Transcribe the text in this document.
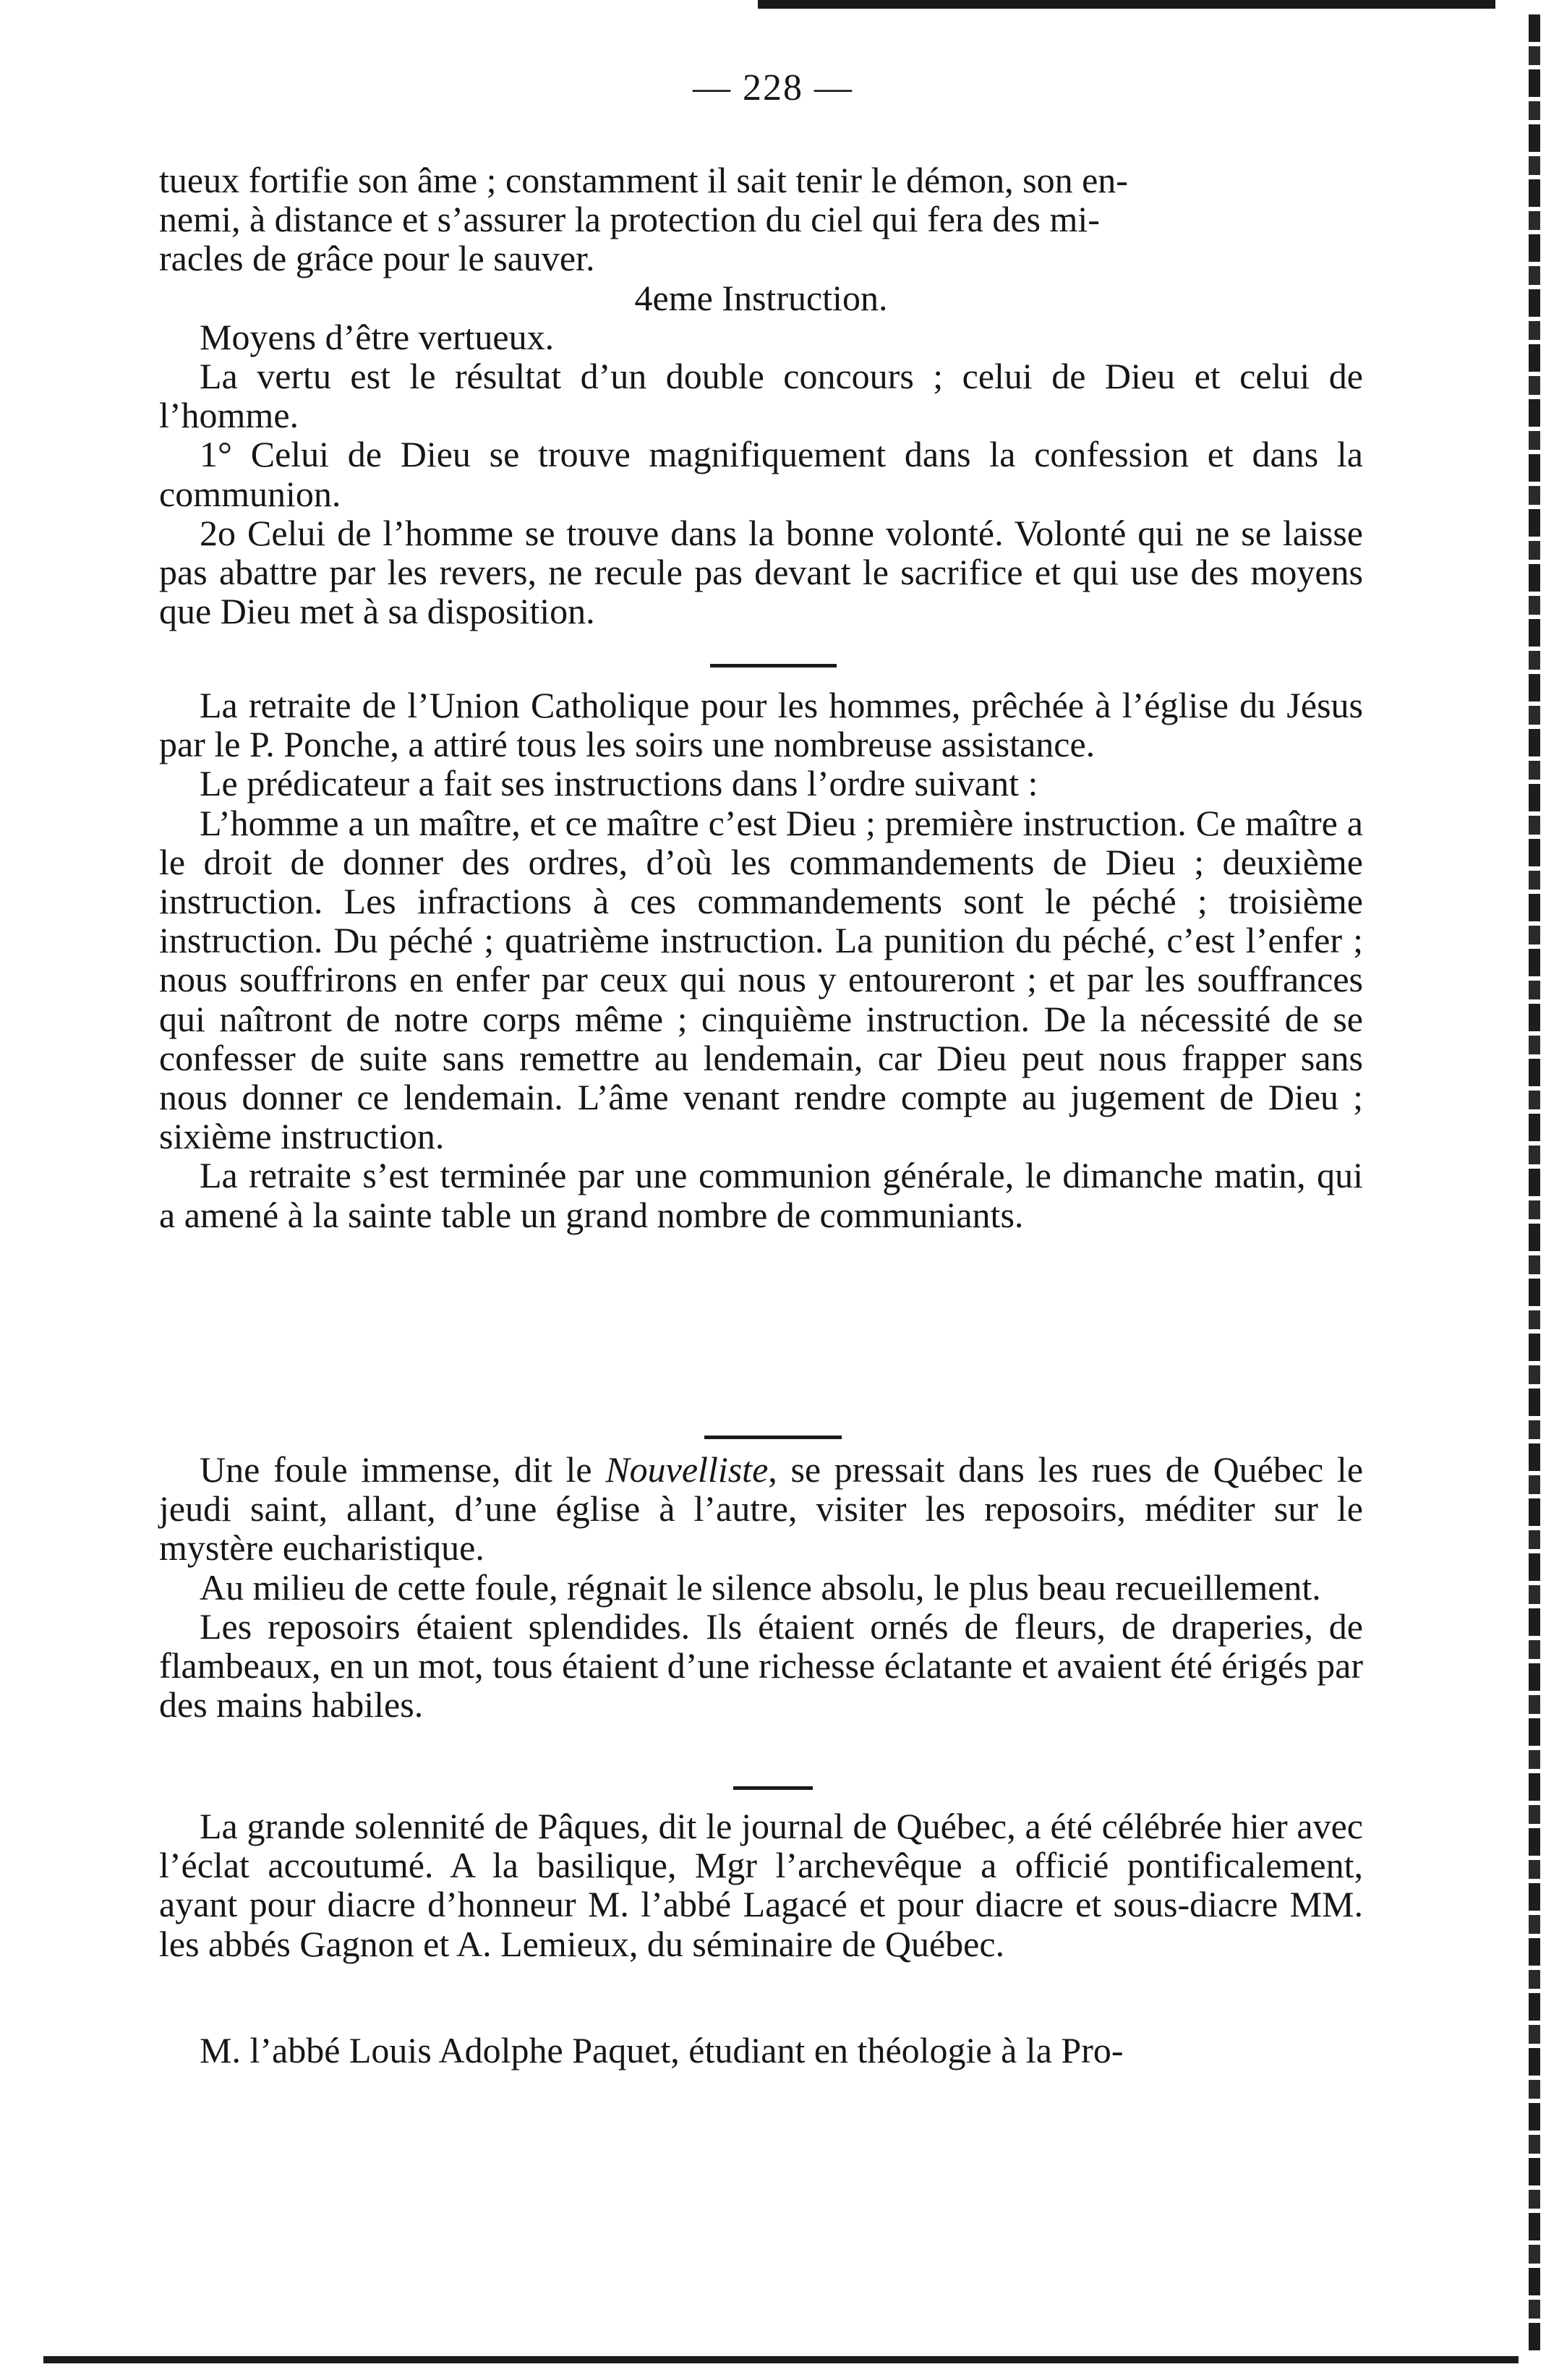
— 228 —

tueux fortifie son âme ; constamment il sait tenir le démon, son en-

nemi, à distance et s’assurer la protection du ciel qui fera des mi-

racles de grâce pour le sauver.

4eme Instruction.

Moyens d’être vertueux.

La vertu est le résultat d’un double concours ; celui de Dieu et celui de l’homme.

1° Celui de Dieu se trouve magnifiquement dans la confession et dans la communion.

2o Celui de l’homme se trouve dans la bonne volonté. Volonté qui ne se laisse pas abattre par les revers, ne recule pas devant le sacrifice et qui use des moyens que Dieu met à sa disposition.

La retraite de l’Union Catholique pour les hommes, prêchée à l’église du Jésus par le P. Ponche, a attiré tous les soirs une nombreuse assistance.

Le prédicateur a fait ses instructions dans l’ordre suivant :

L’homme a un maître, et ce maître c’est Dieu ; première instruction. Ce maître a le droit de donner des ordres, d’où les commandements de Dieu ; deuxième instruction. Les infractions à ces commandements sont le péché ; troisième instruction. Du péché ; quatrième instruction. La punition du péché, c’est l’enfer ; nous souffrirons en enfer par ceux qui nous y entoureront ; et par les souffrances qui naîtront de notre corps même ; cinquième instruction. De la nécessité de se confesser de suite sans remettre au lendemain, car Dieu peut nous frapper sans nous donner ce lendemain. L’âme venant rendre compte au jugement de Dieu ; sixième instruction.

La retraite s’est terminée par une communion générale, le dimanche matin, qui a amené à la sainte table un grand nombre de communiants.

Une foule immense, dit le Nouvelliste, se pressait dans les rues de Québec le jeudi saint, allant, d’une église à l’autre, visiter les reposoirs, méditer sur le mystère eucharistique.

Au milieu de cette foule, régnait le silence absolu, le plus beau recueillement.

Les reposoirs étaient splendides. Ils étaient ornés de fleurs, de draperies, de flambeaux, en un mot, tous étaient d’une richesse éclatante et avaient été érigés par des mains habiles.

La grande solennité de Pâques, dit le journal de Québec, a été célébrée hier avec l’éclat accoutumé. A la basilique, Mgr l’archevêque a officié pontificalement, ayant pour diacre d’honneur M. l’abbé Lagacé et pour diacre et sous-diacre MM. les abbés Gagnon et A. Lemieux, du séminaire de Québec.

M. l’abbé Louis Adolphe Paquet, étudiant en théologie à la Pro-
